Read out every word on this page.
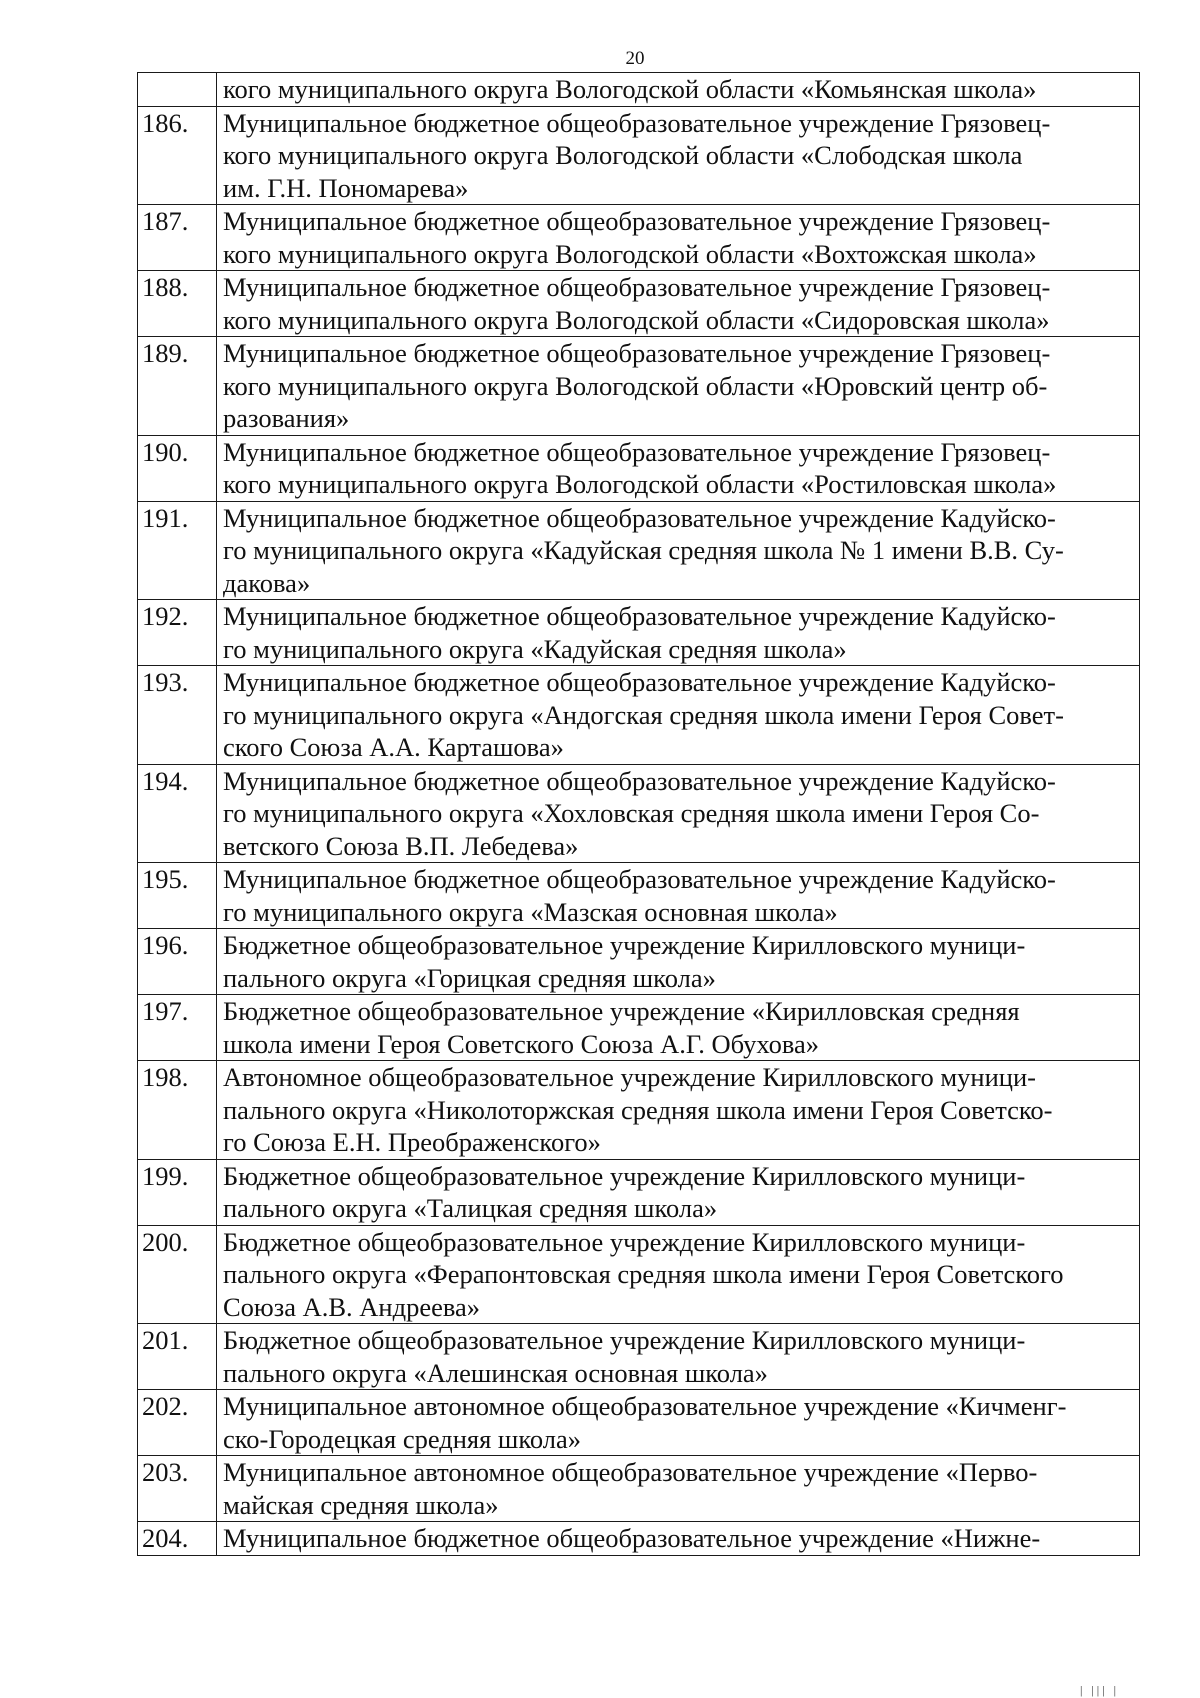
20

	кого муниципального округа Вологодской области «Комьянская школа»

186.	Муниципальное бюджетное общеобразовательное учреждение Грязовец-
кого муниципального округа Вологодской области «Слободская школа
им. Г.Н. Пономарева»

187.	Муниципальное бюджетное общеобразовательное учреждение Грязовец-
кого муниципального округа Вологодской области «Вохтожская школа»

188.	Муниципальное бюджетное общеобразовательное учреждение Грязовец-
кого муниципального округа Вологодской области «Сидоровская школа»

189.	Муниципальное бюджетное общеобразовательное учреждение Грязовец-
кого муниципального округа Вологодской области «Юровский центр об-
разования»

190.	Муниципальное бюджетное общеобразовательное учреждение Грязовец-
кого муниципального округа Вологодской области «Ростиловская школа»

191.	Муниципальное бюджетное общеобразовательное учреждение Кадуйско-
го муниципального округа «Кадуйская средняя школа № 1 имени В.В. Су-
дакова»

192.	Муниципальное бюджетное общеобразовательное учреждение Кадуйско-
го муниципального округа «Кадуйская средняя школа»

193.	Муниципальное бюджетное общеобразовательное учреждение Кадуйско-
го муниципального округа «Андогская средняя школа имени Героя Совет-
ского Союза А.А. Карташова»

194.	Муниципальное бюджетное общеобразовательное учреждение Кадуйско-
го муниципального округа «Хохловская средняя школа имени Героя Со-
ветского Союза В.П. Лебедева»

195.	Муниципальное бюджетное общеобразовательное учреждение Кадуйско-
го муниципального округа «Мазская основная школа»

196.	Бюджетное общеобразовательное учреждение Кирилловского муници-
пального округа «Горицкая средняя школа»

197.	Бюджетное общеобразовательное учреждение «Кирилловская средняя
школа имени Героя Советского Союза А.Г. Обухова»

198.	Автономное общеобразовательное учреждение Кирилловского муници-
пального округа «Николоторжская средняя школа имени Героя Советско-
го Союза Е.Н. Преображенского»

199.	Бюджетное общеобразовательное учреждение Кирилловского муници-
пального округа «Талицкая средняя школа»

200.	Бюджетное общеобразовательное учреждение Кирилловского муници-
пального округа «Ферапонтовская средняя школа имени Героя Советского
Союза А.В. Андреева»

201.	Бюджетное общеобразовательное учреждение Кирилловского муници-
пального округа «Алешинская основная школа»

202.	Муниципальное автономное общеобразовательное учреждение «Кичменг-
ско-Городецкая средняя школа»

203.	Муниципальное автономное общеобразовательное учреждение «Перво-
майская средняя школа»

204.	Муниципальное бюджетное общеобразовательное учреждение «Нижне-
| ||| |
